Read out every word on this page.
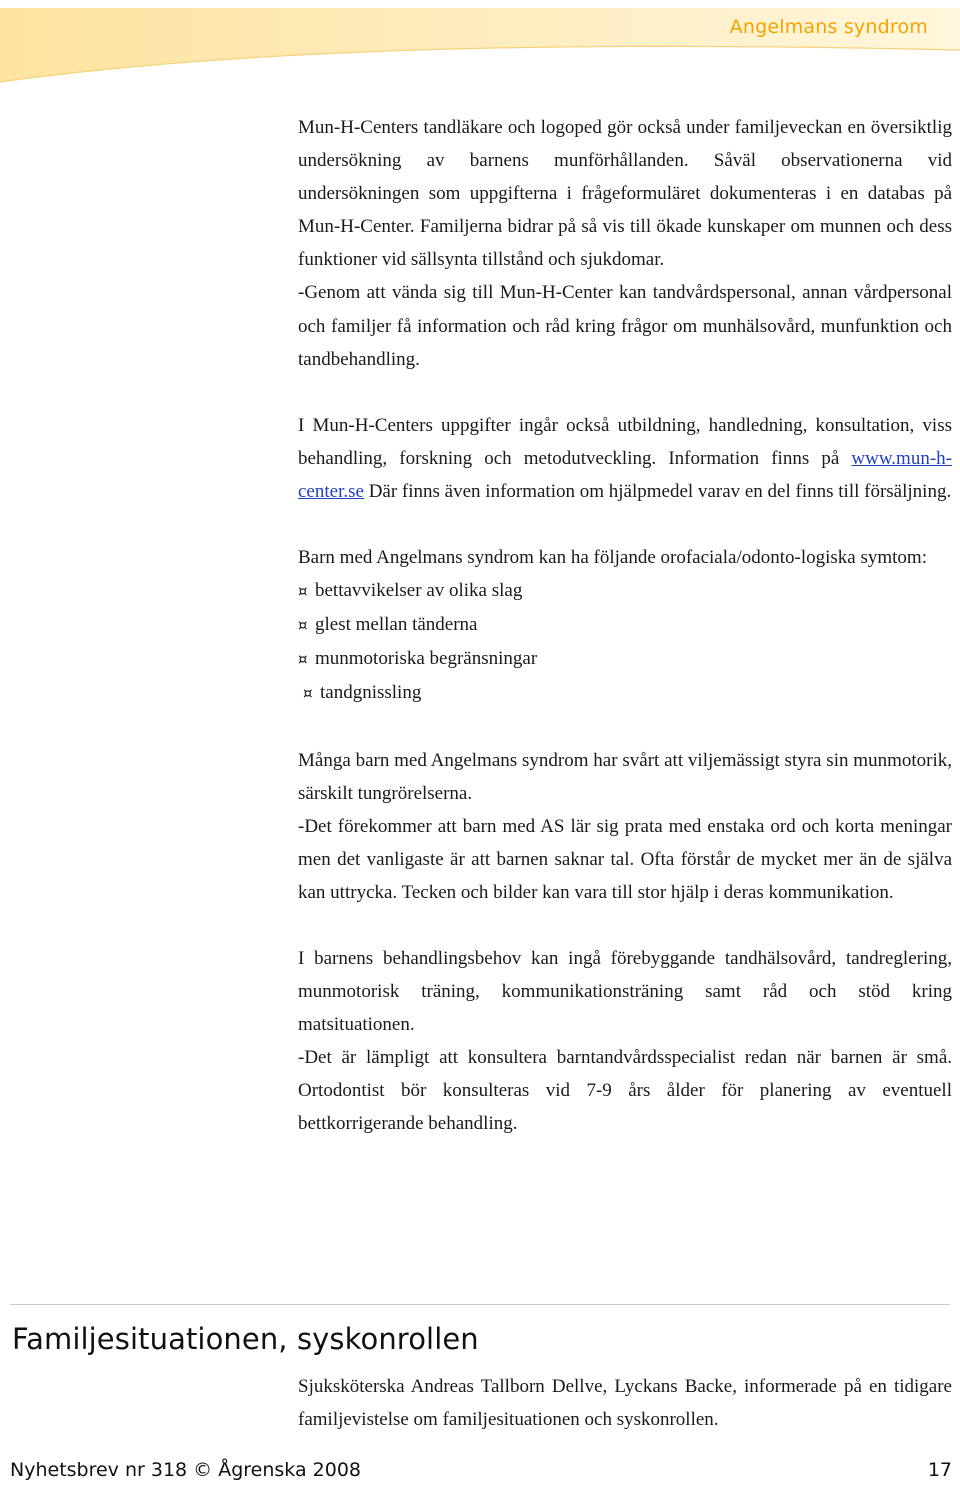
Angelmans syndrom

Mun-H-Centers tandläkare och logoped gör också under familjeveckan en översiktlig undersökning av barnens munförhållanden. Såväl observationerna vid undersökningen som uppgifterna i frågeformuläret dokumenteras i en databas på Mun-H-Center. Familjerna bidrar på så vis till ökade kunskaper om munnen och dess funktioner vid sällsynta tillstånd och sjukdomar.

-Genom att vända sig till Mun-H-Center kan tandvårdspersonal, annan vårdpersonal och familjer få information och råd kring frågor om munhälsovård, munfunktion och tandbehandling.

I Mun-H-Centers uppgifter ingår också utbildning, handledning, konsultation, viss behandling, forskning och metodutveckling. Information finns på www.mun-h-center.se Där finns även information om hjälpmedel varav en del finns till försäljning.

Barn med Angelmans syndrom kan ha följande orofaciala/odonto-logiska symtom:

¤ bettavvikelser av olika slag
¤ glest mellan tänderna
¤ munmotoriska begränsningar
¤ tandgnissling

Många barn med Angelmans syndrom har svårt att viljemässigt styra sin munmotorik, särskilt tungrörelserna.

-Det förekommer att barn med AS lär sig prata med enstaka ord och korta meningar men det vanligaste är att barnen saknar tal. Ofta förstår de mycket mer än de själva kan uttrycka. Tecken och bilder kan vara till stor hjälp i deras kommunikation.

I barnens behandlingsbehov kan ingå förebyggande tandhälsovård, tandreglering, munmotorisk träning, kommunikationsträning samt råd och stöd kring matsituationen.

-Det är lämpligt att konsultera barntandvårdsspecialist redan när barnen är små. Ortodontist bör konsulteras vid 7-9 års ålder för planering av eventuell bettkorrigerande behandling.

Familjesituationen, syskonrollen
Sjuksköterska Andreas Tallborn Dellve, Lyckans Backe, informerade på en tidigare familjevistelse om familjesituationen och syskonrollen.
Nyhetsbrev nr 318 © Ågrenska 2008	17
